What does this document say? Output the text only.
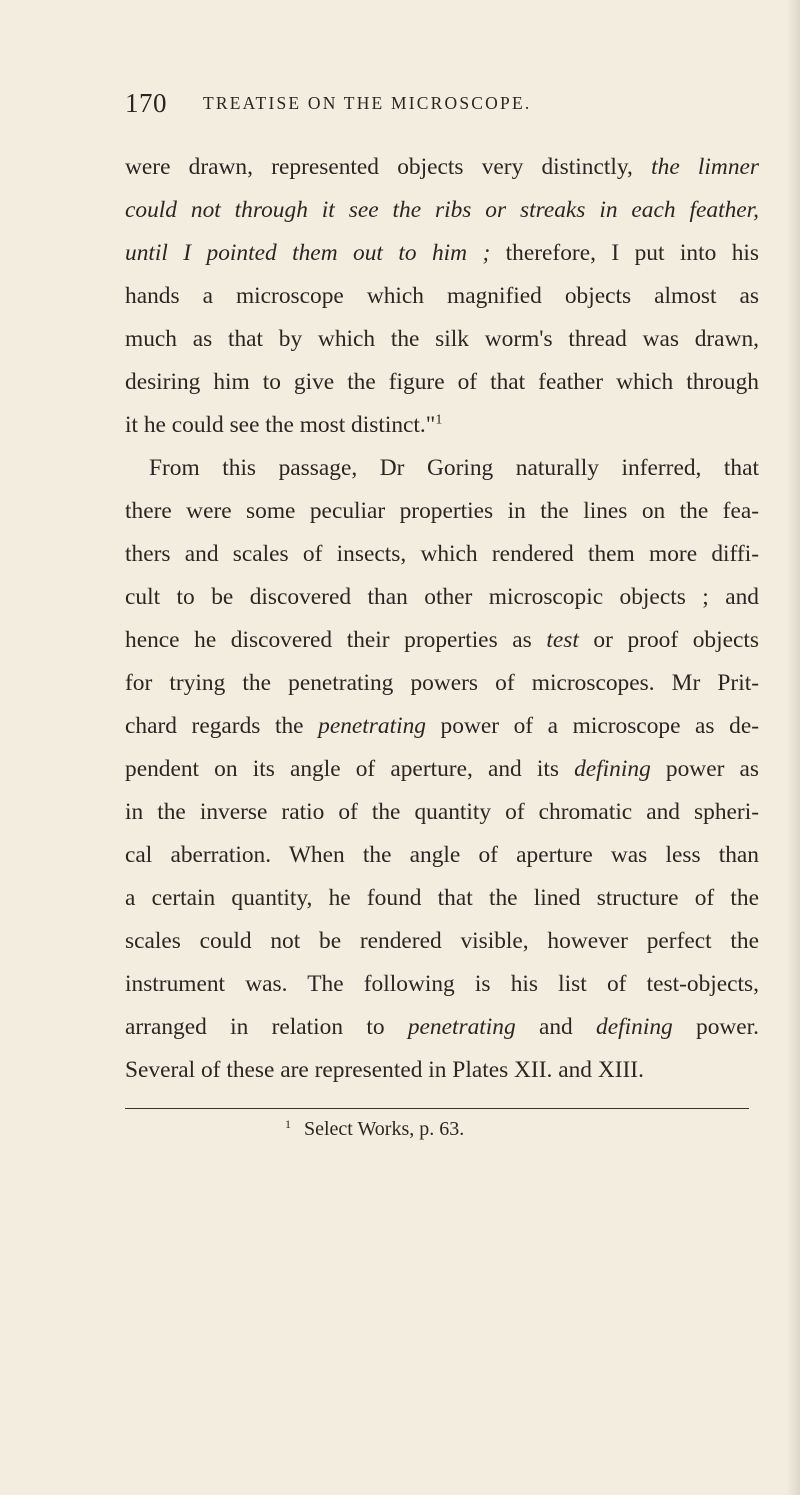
170 TREATISE ON THE MICROSCOPE.
were drawn, represented objects very distinctly, the limner
could not through it see the ribs or streaks in each feather,
until I pointed them out to him ; therefore, I put into his
hands a microscope which magnified objects almost as
much as that by which the silk worm's thread was drawn,
desiring him to give the figure of that feather which through
it he could see the most distinct."$^1$
From this passage, Dr Goring naturally inferred, that
there were some peculiar properties in the lines on the fea-
thers and scales of insects, which rendered them more diffi-
cult to be discovered than other microscopic objects ; and
hence he discovered their properties as test or proof objects
for trying the penetrating powers of microscopes. Mr Prit-
chard regards the penetrating power of a microscope as de-
pendent on its angle of aperture, and its defining power as
in the inverse ratio of the quantity of chromatic and spheri-
cal aberration. When the angle of aperture was less than
a certain quantity, he found that the lined structure of the
scales could not be rendered visible, however perfect the
instrument was. The following is his list of test-objects,
arranged in relation to penetrating and defining power.
Several of these are represented in Plates XII. and XIII.
$^1$ Select Works, p. 63.
